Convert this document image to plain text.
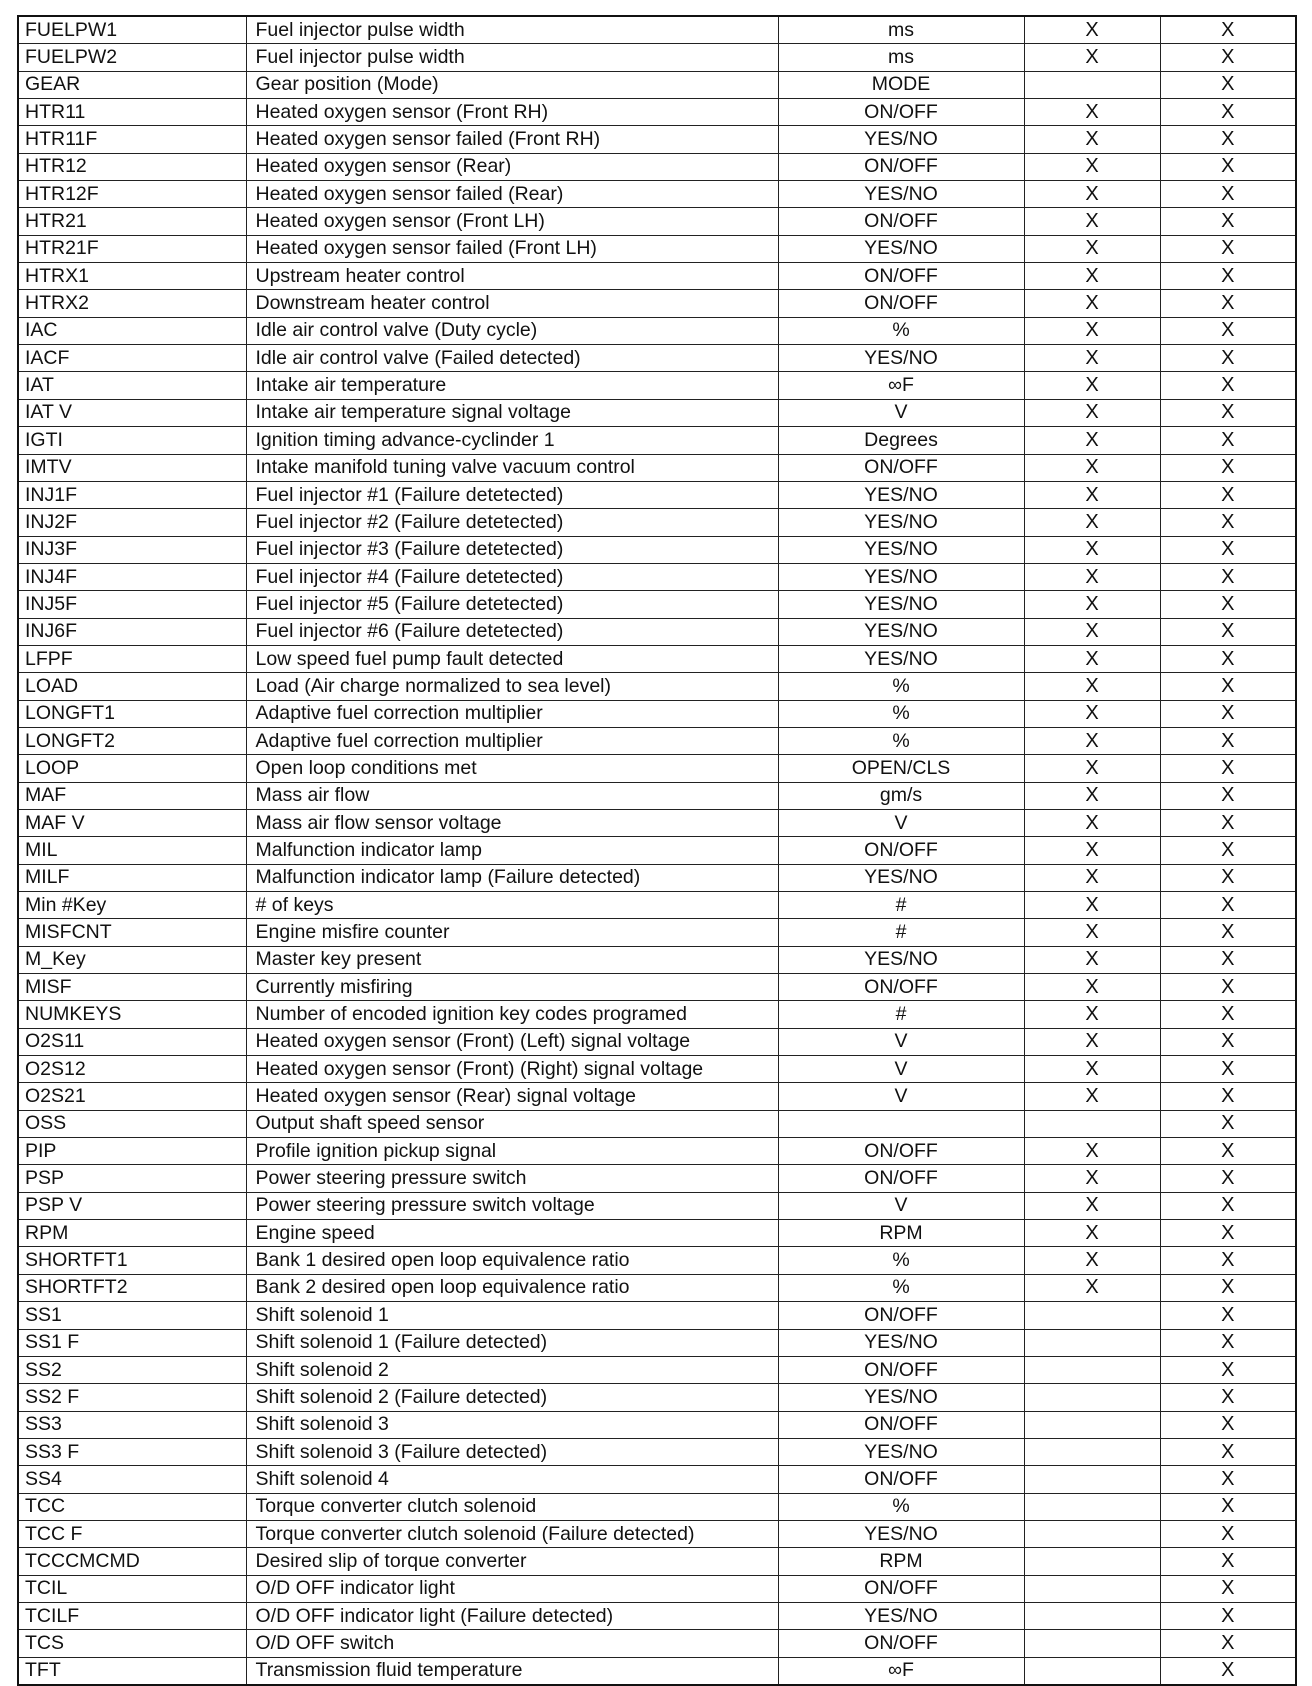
FUELPW1	Fuel injector pulse width	ms	X	X
FUELPW2	Fuel injector pulse width	ms	X	X
GEAR	Gear position (Mode)	MODE		X
HTR11	Heated oxygen sensor (Front RH)	ON/OFF	X	X
HTR11F	Heated oxygen sensor failed (Front RH)	YES/NO	X	X
HTR12	Heated oxygen sensor (Rear)	ON/OFF	X	X
HTR12F	Heated oxygen sensor failed (Rear)	YES/NO	X	X
HTR21	Heated oxygen sensor (Front LH)	ON/OFF	X	X
HTR21F	Heated oxygen sensor failed (Front LH)	YES/NO	X	X
HTRX1	Upstream heater control	ON/OFF	X	X
HTRX2	Downstream heater control	ON/OFF	X	X
IAC	Idle air control valve (Duty cycle)	%	X	X
IACF	Idle air control valve (Failed detected)	YES/NO	X	X
IAT	Intake air temperature	∞F	X	X
IAT V	Intake air temperature signal voltage	V	X	X
IGTI	Ignition timing advance-cyclinder 1	Degrees	X	X
IMTV	Intake manifold tuning valve vacuum control	ON/OFF	X	X
INJ1F	Fuel injector #1 (Failure detetected)	YES/NO	X	X
INJ2F	Fuel injector #2 (Failure detetected)	YES/NO	X	X
INJ3F	Fuel injector #3 (Failure detetected)	YES/NO	X	X
INJ4F	Fuel injector #4 (Failure detetected)	YES/NO	X	X
INJ5F	Fuel injector #5 (Failure detetected)	YES/NO	X	X
INJ6F	Fuel injector #6 (Failure detetected)	YES/NO	X	X
LFPF	Low speed fuel pump fault detected	YES/NO	X	X
LOAD	Load (Air charge normalized to sea level)	%	X	X
LONGFT1	Adaptive fuel correction multiplier	%	X	X
LONGFT2	Adaptive fuel correction multiplier	%	X	X
LOOP	Open loop conditions met	OPEN/CLS	X	X
MAF	Mass air flow	gm/s	X	X
MAF V	Mass air flow sensor voltage	V	X	X
MIL	Malfunction indicator lamp	ON/OFF	X	X
MILF	Malfunction indicator lamp (Failure detected)	YES/NO	X	X
Min #Key	# of keys	#	X	X
MISFCNT	Engine misfire counter	#	X	X
M_Key	Master key present	YES/NO	X	X
MISF	Currently misfiring	ON/OFF	X	X
NUMKEYS	Number of encoded ignition key codes programed	#	X	X
O2S11	Heated oxygen sensor (Front) (Left) signal voltage	V	X	X
O2S12	Heated oxygen sensor (Front) (Right) signal voltage	V	X	X
O2S21	Heated oxygen sensor (Rear) signal voltage	V	X	X
OSS	Output shaft speed sensor			X
PIP	Profile ignition pickup signal	ON/OFF	X	X
PSP	Power steering pressure switch	ON/OFF	X	X
PSP V	Power steering pressure switch voltage	V	X	X
RPM	Engine speed	RPM	X	X
SHORTFT1	Bank 1 desired open loop equivalence ratio	%	X	X
SHORTFT2	Bank 2 desired open loop equivalence ratio	%	X	X
SS1	Shift solenoid 1	ON/OFF		X
SS1 F	Shift solenoid 1 (Failure detected)	YES/NO		X
SS2	Shift solenoid 2	ON/OFF		X
SS2 F	Shift solenoid 2 (Failure detected)	YES/NO		X
SS3	Shift solenoid 3	ON/OFF		X
SS3 F	Shift solenoid 3 (Failure detected)	YES/NO		X
SS4	Shift solenoid 4	ON/OFF		X
TCC	Torque converter clutch solenoid	%		X
TCC F	Torque converter clutch solenoid (Failure detected)	YES/NO		X
TCCCMCMD	Desired slip of torque converter	RPM		X
TCIL	O/D OFF indicator light	ON/OFF		X
TCILF	O/D OFF indicator light (Failure detected)	YES/NO		X
TCS	O/D OFF switch	ON/OFF		X
TFT	Transmission fluid temperature	∞F		X
